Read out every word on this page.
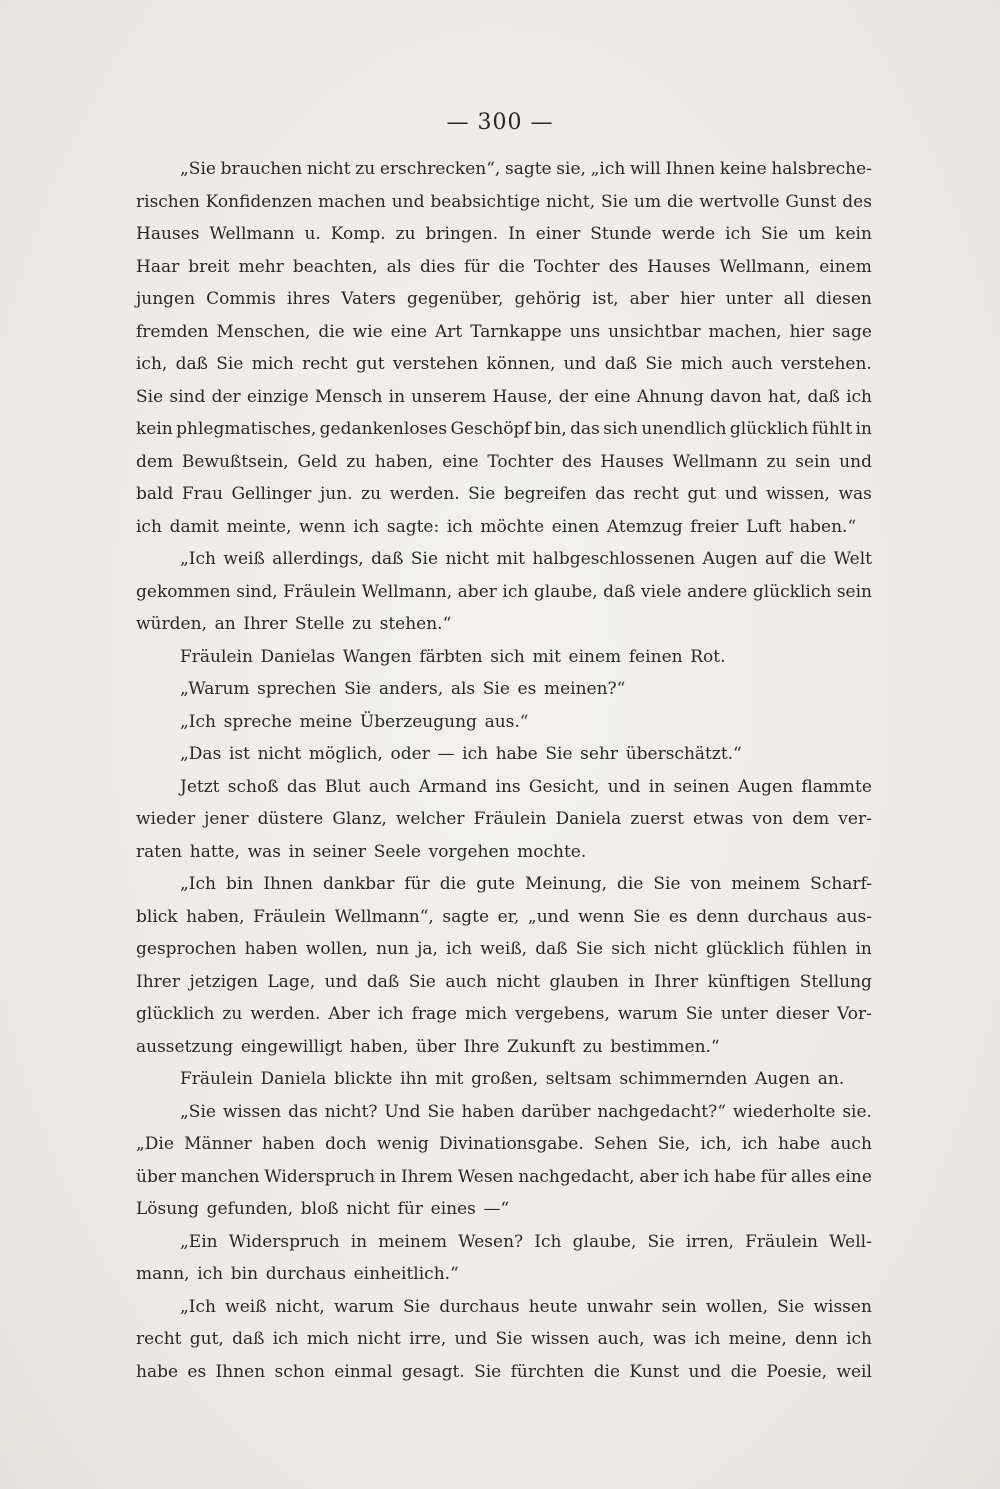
— 300 —
„Sie brauchen nicht zu erschrecken“, sagte sie, „ich will Ihnen keine halsbreche-
rischen Konfidenzen machen und beabsichtige nicht, Sie um die wertvolle Gunst des
Hauses Wellmann u. Komp. zu bringen. In einer Stunde werde ich Sie um kein
Haar breit mehr beachten, als dies für die Tochter des Hauses Wellmann, einem
jungen Commis ihres Vaters gegenüber, gehörig ist, aber hier unter all diesen
fremden Menschen, die wie eine Art Tarnkappe uns unsichtbar machen, hier sage
ich, daß Sie mich recht gut verstehen können, und daß Sie mich auch verstehen.
Sie sind der einzige Mensch in unserem Hause, der eine Ahnung davon hat, daß ich
kein phlegmatisches, gedankenloses Geschöpf bin, das sich unendlich glücklich fühlt in
dem Bewußtsein, Geld zu haben, eine Tochter des Hauses Wellmann zu sein und
bald Frau Gellinger jun. zu werden. Sie begreifen das recht gut und wissen, was
ich damit meinte, wenn ich sagte: ich möchte einen Atemzug freier Luft haben.“
„Ich weiß allerdings, daß Sie nicht mit halbgeschlossenen Augen auf die Welt
gekommen sind, Fräulein Wellmann, aber ich glaube, daß viele andere glücklich sein
würden, an Ihrer Stelle zu stehen.“
Fräulein Danielas Wangen färbten sich mit einem feinen Rot.
„Warum sprechen Sie anders, als Sie es meinen?“
„Ich spreche meine Überzeugung aus.“
„Das ist nicht möglich, oder — ich habe Sie sehr überschätzt.“
Jetzt schoß das Blut auch Armand ins Gesicht, und in seinen Augen flammte
wieder jener düstere Glanz, welcher Fräulein Daniela zuerst etwas von dem ver-
raten hatte, was in seiner Seele vorgehen mochte.
„Ich bin Ihnen dankbar für die gute Meinung, die Sie von meinem Scharf-
blick haben, Fräulein Wellmann“, sagte er, „und wenn Sie es denn durchaus aus-
gesprochen haben wollen, nun ja, ich weiß, daß Sie sich nicht glücklich fühlen in
Ihrer jetzigen Lage, und daß Sie auch nicht glauben in Ihrer künftigen Stellung
glücklich zu werden. Aber ich frage mich vergebens, warum Sie unter dieser Vor-
aussetzung eingewilligt haben, über Ihre Zukunft zu bestimmen.“
Fräulein Daniela blickte ihn mit großen, seltsam schimmernden Augen an.
„Sie wissen das nicht? Und Sie haben darüber nachgedacht?“ wiederholte sie.
„Die Männer haben doch wenig Divinationsgabe. Sehen Sie, ich, ich habe auch
über manchen Widerspruch in Ihrem Wesen nachgedacht, aber ich habe für alles eine
Lösung gefunden, bloß nicht für eines —“
„Ein Widerspruch in meinem Wesen? Ich glaube, Sie irren, Fräulein Well-
mann, ich bin durchaus einheitlich.“
„Ich weiß nicht, warum Sie durchaus heute unwahr sein wollen, Sie wissen
recht gut, daß ich mich nicht irre, und Sie wissen auch, was ich meine, denn ich
habe es Ihnen schon einmal gesagt. Sie fürchten die Kunst und die Poesie, weil
